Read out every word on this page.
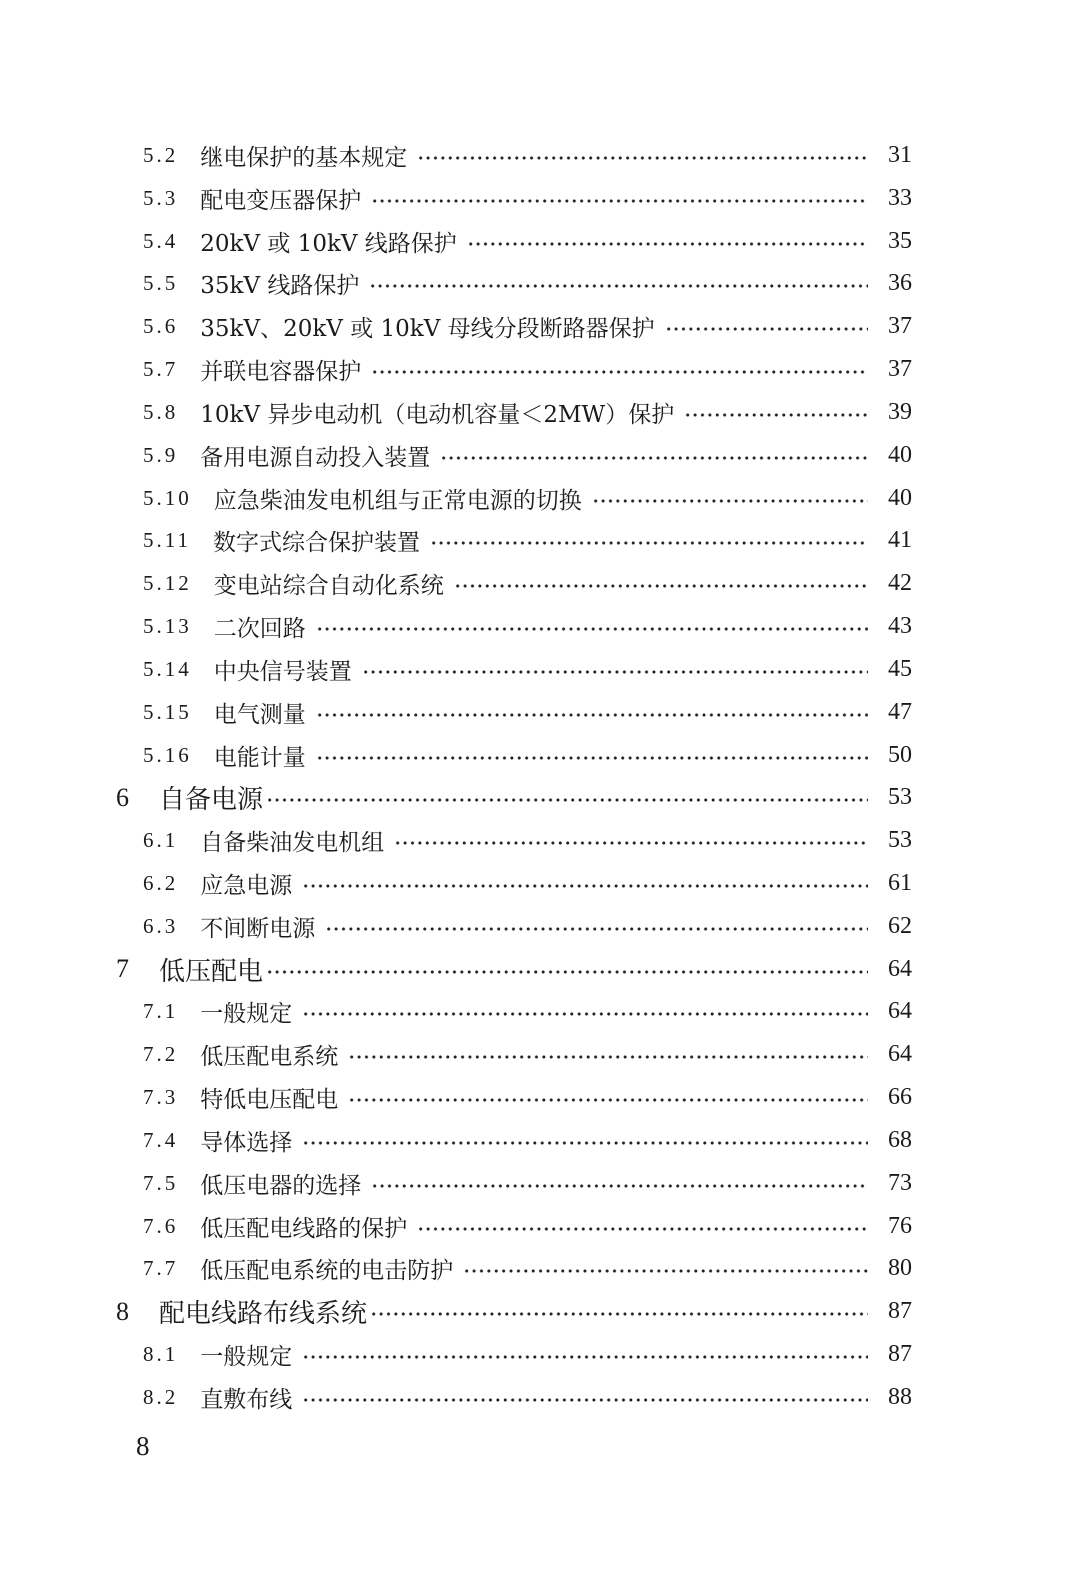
5.2 继电保护的基本规定	31
5.3 配电变压器保护	33
5.4 20kV 或 10kV 线路保护	35
5.5 35kV 线路保护	36
5.6 35kV、20kV 或 10kV 母线分段断路器保护	37
5.7 并联电容器保护	37
5.8 10kV 异步电动机（电动机容量＜2MW）保护	39
5.9 备用电源自动投入装置	40
5.10 应急柴油发电机组与正常电源的切换	40
5.11 数字式综合保护装置	41
5.12 变电站综合自动化系统	42
5.13 二次回路	43
5.14 中央信号装置	45
5.15 电气测量	47
5.16 电能计量	50
6 自备电源	53
6.1 自备柴油发电机组	53
6.2 应急电源	61
6.3 不间断电源	62
7 低压配电	64
7.1 一般规定	64
7.2 低压配电系统	64
7.3 特低电压配电	66
7.4 导体选择	68
7.5 低压电器的选择	73
7.6 低压配电线路的保护	76
7.7 低压配电系统的电击防护	80
8 配电线路布线系统	87
8.1 一般规定	87
8.2 直敷布线	88
8
